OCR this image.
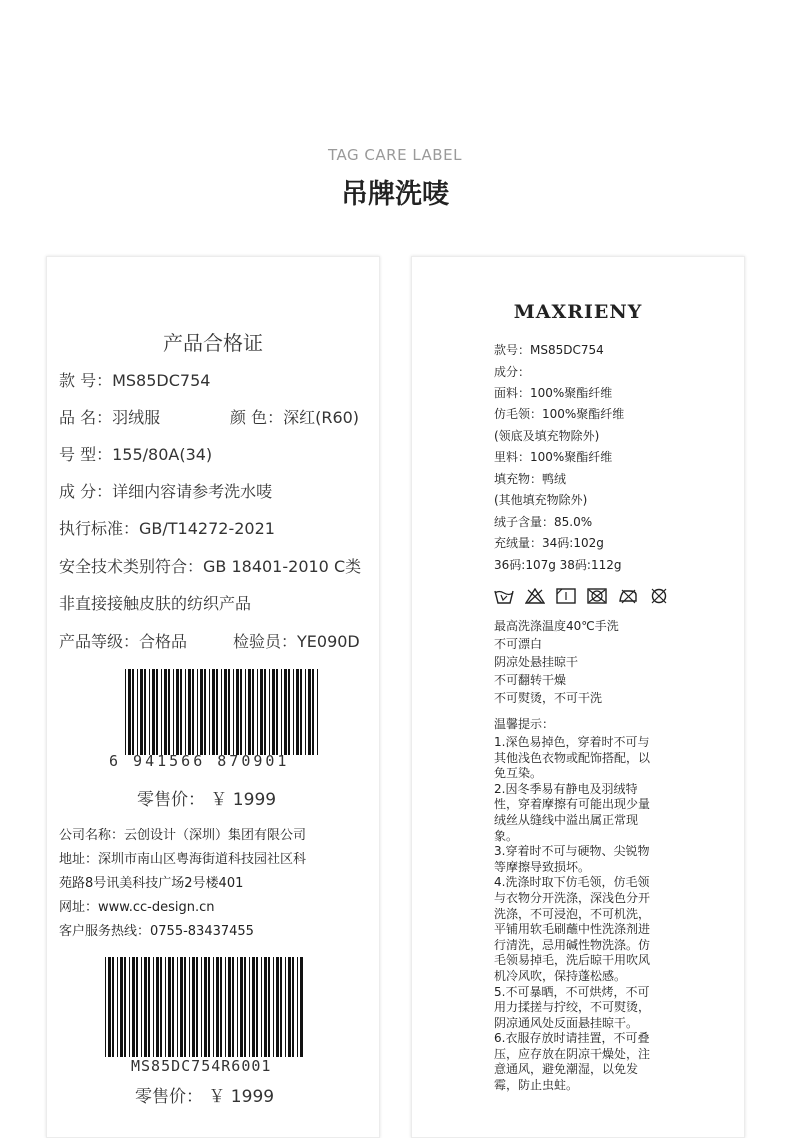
TAG CARE LABEL
吊牌洗唛
产品合格证
款 号：MS85DC754
品 名：羽绒服	颜 色：深红(R60)
号 型：155/80A(34)
成 分：详细内容请参考洗水唛
执行标准：GB/T14272-2021
安全技术类别符合：GB 18401-2010 C类
非直接接触皮肤的纺织产品
产品等级：合格品	检验员：YE090D
6 941566 870901
零售价： ￥ 1999
公司名称：云创设计（深圳）集团有限公司
地址：深圳市南山区粤海街道科技园社区科
苑路8号讯美科技广场2号楼401
网址：www.cc-design.cn
客户服务热线：0755-83437455
MS85DC754R6001
零售价： ￥ 1999
MAXRIENY
款号：MS85DC754
成分：
面料：100%聚酯纤维
仿毛领：100%聚酯纤维
(领底及填充物除外)
里料：100%聚酯纤维
填充物：鸭绒
(其他填充物除外)
绒子含量：85.0%
充绒量：34码:102g
36码:107g 38码:112g

最高洗涤温度40℃手洗
不可漂白
阴凉处悬挂晾干
不可翻转干燥
不可熨烫，不可干洗
温馨提示：
1.深色易掉色，穿着时不可与其他浅色衣物或配饰搭配，以免互染。
2.因冬季易有静电及羽绒特性，穿着摩擦有可能出现少量绒丝从缝线中溢出属正常现象。
3.穿着时不可与硬物、尖锐物等摩擦导致损坏。
4.洗涤时取下仿毛领，仿毛领与衣物分开洗涤，深浅色分开洗涤，不可浸泡，不可机洗，平铺用软毛刷蘸中性洗涤剂进行清洗，忌用碱性物洗涤。仿毛领易掉毛，洗后晾干用吹风机冷风吹，保持蓬松感。
5.不可暴晒，不可烘烤，不可用力揉搓与拧绞，不可熨烫，阴凉通风处反面悬挂晾干。
6.衣服存放时请挂置，不可叠压，应存放在阴凉干燥处，注意通风，避免潮湿，以免发霉，防止虫蛀。
